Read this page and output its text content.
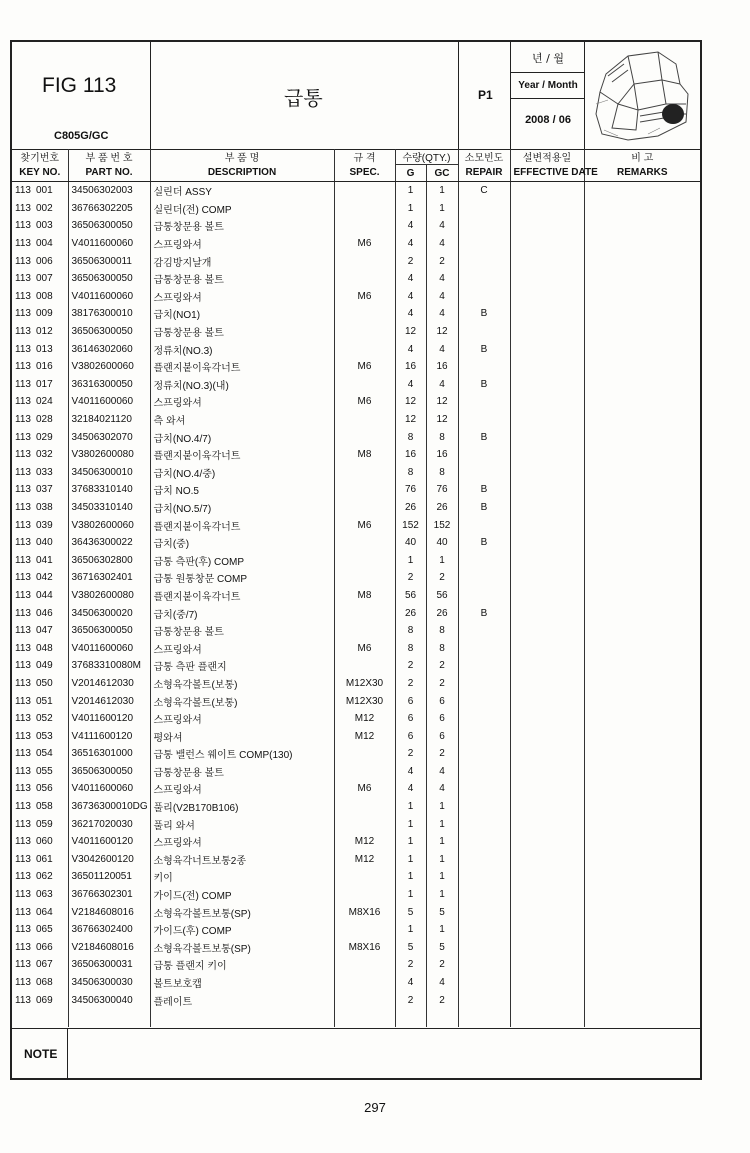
FIG 113
C805G/GC
급통	P1
년 / 월
Year / Month
2008 / 06
찾기번호	부 품 번 호	부 품 명	규 격	수량(QTY.)		소모빈도	설변적용일	비 고
KEY NO.	PART NO.	DESCRIPTION	SPEC.	G	GC	REPAIR	EFFECTIVE DATE	REMARKS
113 001	34506302003	실린더 ASSY		1	1	C		
113 002	36766302205	실린더(전) COMP		1	1			
113 003	36506300050	급통창문용 볼트		4	4			
113 004	V4011600060	스프링와셔	M6	4	4			
113 006	36506300011	감김방지날개		2	2			
113 007	36506300050	급통창문용 볼트		4	4			
113 008	V4011600060	스프링와셔	M6	4	4			
113 009	38176300010	급치(NO1)		4	4	B		
113 012	36506300050	급통창문용 볼트		12	12			
113 013	36146302060	정류치(NO.3)		4	4	B		
113 016	V3802600060	플랜지붙이육각너트	M6	16	16			
113 017	36316300050	정류치(NO.3)(내)		4	4	B		
113 024	V4011600060	스프링와셔	M6	12	12			
113 028	32184021120	측 와셔		12	12			
113 029	34506302070	급치(NO.4/7)		8	8	B		
113 032	V3802600080	플랜지붙이육각너트	M8	16	16			
113 033	34506300010	급치(NO.4/중)		8	8			
113 037	37683310140	급치 NO.5		76	76	B		
113 038	34503310140	급치(NO.5/7)		26	26	B		
113 039	V3802600060	플랜지붙이육각너트	M6	152	152			
113 040	36436300022	급치(중)		40	40	B		
113 041	36506302800	급통 측판(후) COMP		1	1			
113 042	36716302401	급통 원통창문 COMP		2	2			
113 044	V3802600080	플랜지붙이육각너트	M8	56	56			
113 046	34506300020	급치(중/7)		26	26	B		
113 047	36506300050	급통창문용 볼트		8	8			
113 048	V4011600060	스프링와셔	M6	8	8			
113 049	37683310080M	급통 측판 플랜지		2	2			
113 050	V2014612030	소형육각볼트(보통)	M12X30	2	2			
113 051	V2014612030	소형육각볼트(보통)	M12X30	6	6			
113 052	V4011600120	스프링와셔	M12	6	6			
113 053	V4111600120	평와셔	M12	6	6			
113 054	36516301000	급통 밸런스 웨이트 COMP(130)		2	2			
113 055	36506300050	급통창문용 볼트		4	4			
113 056	V4011600060	스프링와셔	M6	4	4			
113 058	36736300010DG	풀리(V2B170B106)		1	1			
113 059	36217020030	풀리 와셔		1	1			
113 060	V4011600120	스프링와셔	M12	1	1			
113 061	V3042600120	소형육각너트보통2종	M12	1	1			
113 062	36501120051	키이		1	1			
113 063	36766302301	가이드(전) COMP		1	1			
113 064	V2184608016	소형육각볼트보통(SP)	M8X16	5	5			
113 065	36766302400	가이드(후) COMP		1	1			
113 066	V2184608016	소형육각볼트보통(SP)	M8X16	5	5			
113 067	36506300031	급통 플랜지 키이		2	2			
113 068	34506300030	볼트보호캡		4	4			
113 069	34506300040	플레이트		2	2			

NOTE
297
